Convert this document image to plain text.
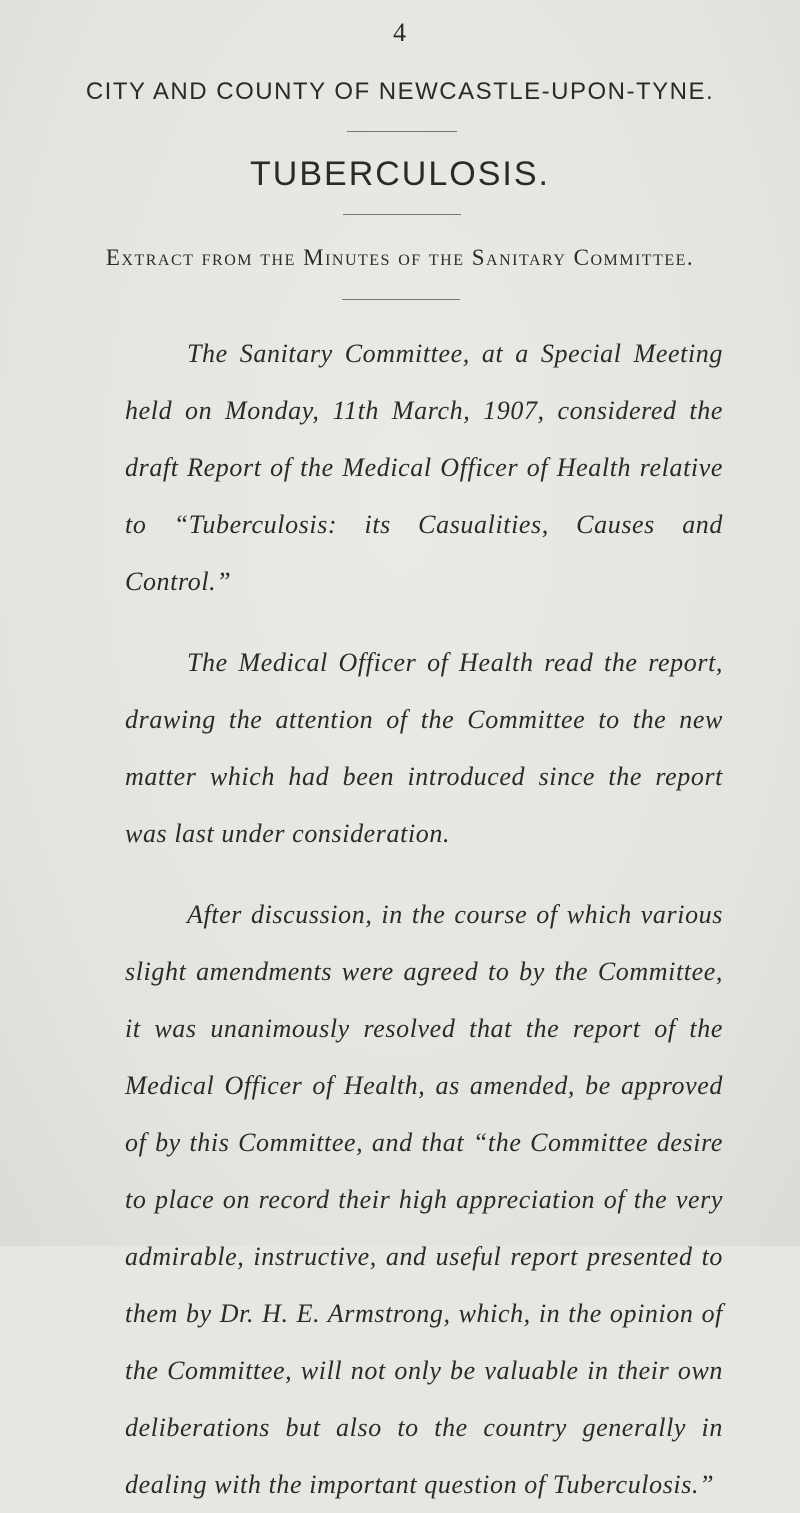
4
CITY AND COUNTY OF NEWCASTLE-UPON-TYNE.
TUBERCULOSIS.
Extract from the Minutes of the Sanitary Committee.

The Sanitary Committee, at a Special Meeting held on Monday, 11th March, 1907, considered the draft Report of the Medical Officer of Health relative to “Tuberculosis: its Casualities, Causes and Control.”

The Medical Officer of Health read the report, drawing the attention of the Committee to the new matter which had been introduced since the report was last under consideration.

After discussion, in the course of which various slight amendments were agreed to by the Committee, it was unanimously resolved that the report of the Medical Officer of Health, as amended, be approved of by this Committee, and that “the Committee desire to place on record their high appreciation of the very admirable, instructive, and useful report presented to them by Dr. H. E. Armstrong, which, in the opinion of the Committee, will not only be valuable in their own deliberations but also to the country generally in dealing with the important question of Tuberculosis.”
